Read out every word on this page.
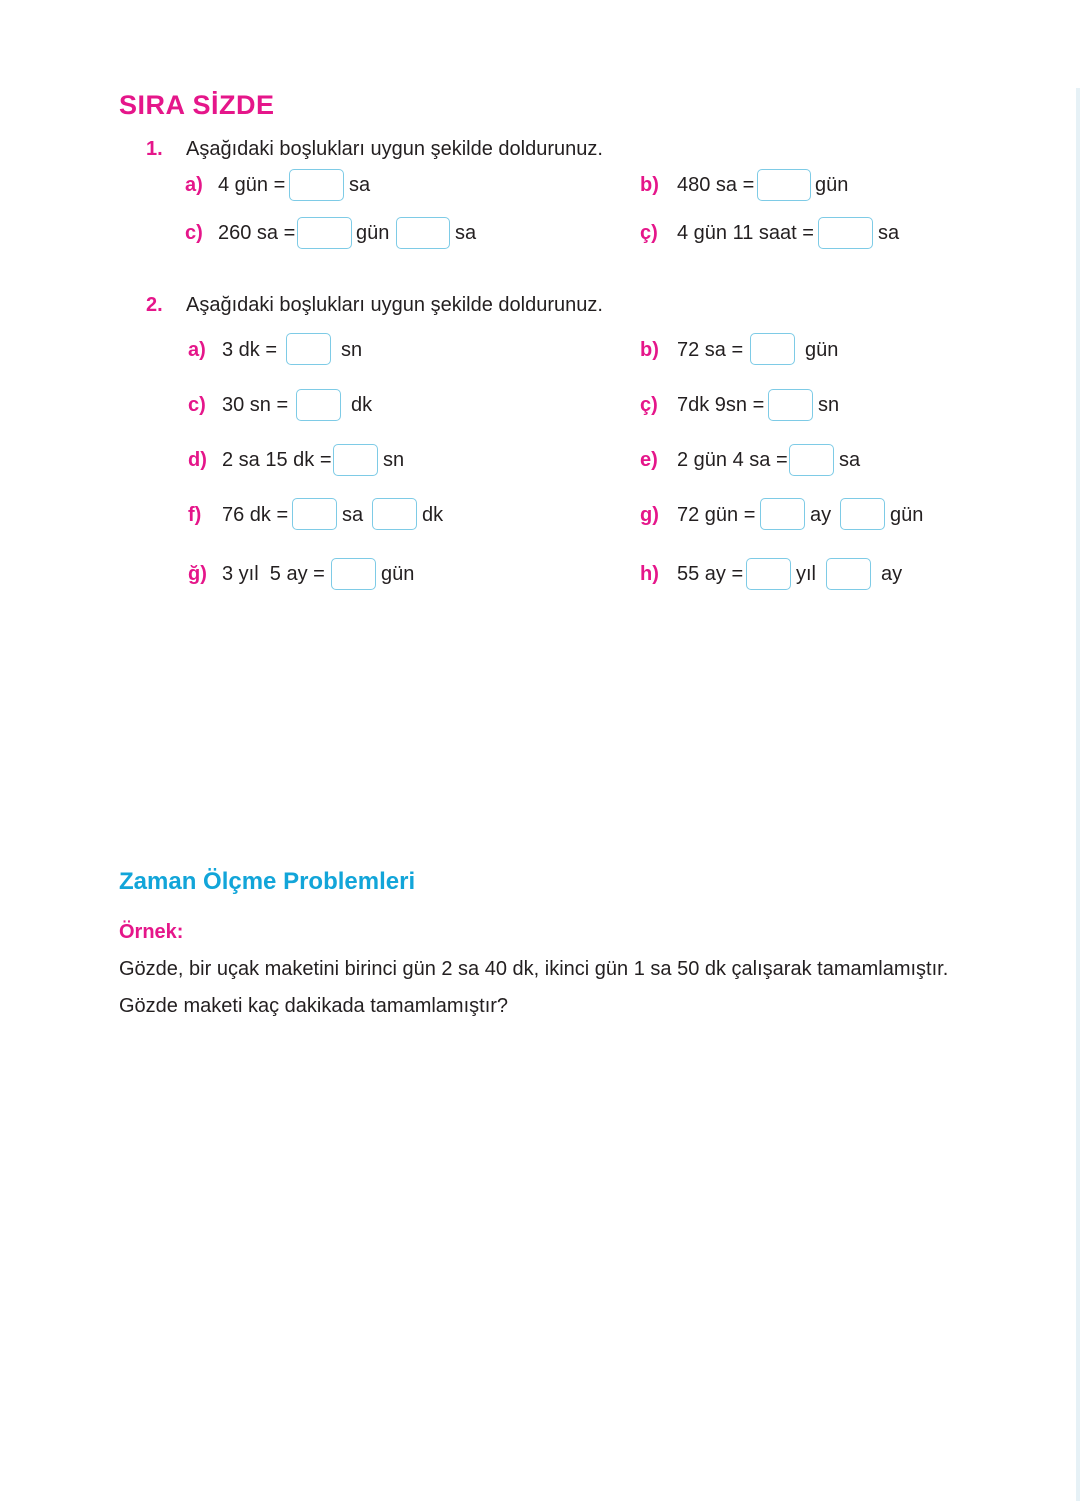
SIRA SİZDE
1. Aşağıdaki boşlukları uygun şekilde doldurunuz.
a) 4 gün =	sa	b) 480 sa =	gün
c) 260 sa =	gün	sa	ç) 4 gün 11 saat =	sa
2. Aşağıdaki boşlukları uygun şekilde doldurunuz.
a) 3 dk =	sn	b) 72 sa =	gün
c) 30 sn =	dk	ç) 7dk 9sn =	sn
d) 2 sa 15 dk =	sn	e) 2 gün 4 sa =	sa
f) 76 dk =	sa	dk	g) 72 gün =	ay	gün
ğ) 3 yıl  5 ay =	gün	h) 55 ay =	yıl	ay
Zaman Ölçme Problemleri
Örnek:
Gözde, bir uçak maketini birinci gün 2 sa 40 dk, ikinci gün 1 sa 50 dk çalışarak tamamlamıştır.
Gözde maketi kaç dakikada tamamlamıştır?
